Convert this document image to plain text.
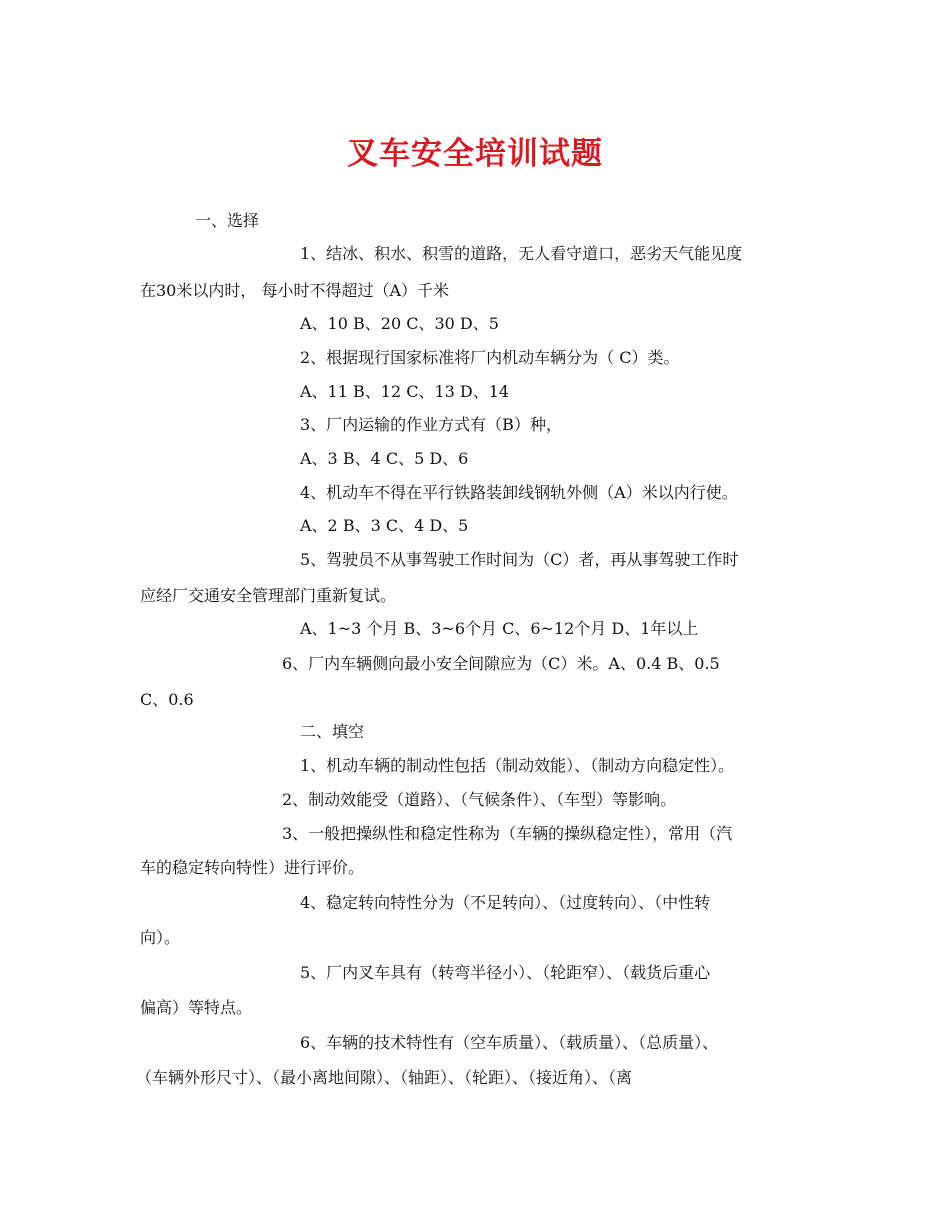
叉车安全培训试题
一、选择
1、结冰、积水、积雪的道路，无人看守道口，恶劣天气能见度
在30米以内时， 每小时不得超过（A）千米
A、10 B、20 C、30 D、5
2、根据现行国家标准将厂内机动车辆分为（ C）类。
A、11 B、12 C、13 D、14
3、厂内运输的作业方式有（B）种，
A、3 B、4 C、5 D、6
4、机动车不得在平行铁路装卸线钢轨外侧（A）米以内行使。
A、2 B、3 C、4 D、5
5、驾驶员不从事驾驶工作时间为（C）者，再从事驾驶工作时
应经厂交通安全管理部门重新复试。
A、1~3 个月 B、3~6个月 C、6~12个月 D、1年以上
6、厂内车辆侧向最小安全间隙应为（C）米。A、0.4 B、0.5
C、0.6
二、填空
1、机动车辆的制动性包括（制动效能）、（制动方向稳定性）。
2、制动效能受（道路）、（气候条件）、（车型）等影响。
3、一般把操纵性和稳定性称为（车辆的操纵稳定性），常用（汽
车的稳定转向特性）进行评价。
4、稳定转向特性分为（不足转向）、（过度转向）、（中性转
向）。
5、厂内叉车具有（转弯半径小）、（轮距窄）、（载货后重心
偏高）等特点。
6、车辆的技术特性有（空车质量）、（载质量）、（总质量）、
（车辆外形尺寸）、（最小离地间隙）、（轴距）、（轮距）、（接近角）、（离
